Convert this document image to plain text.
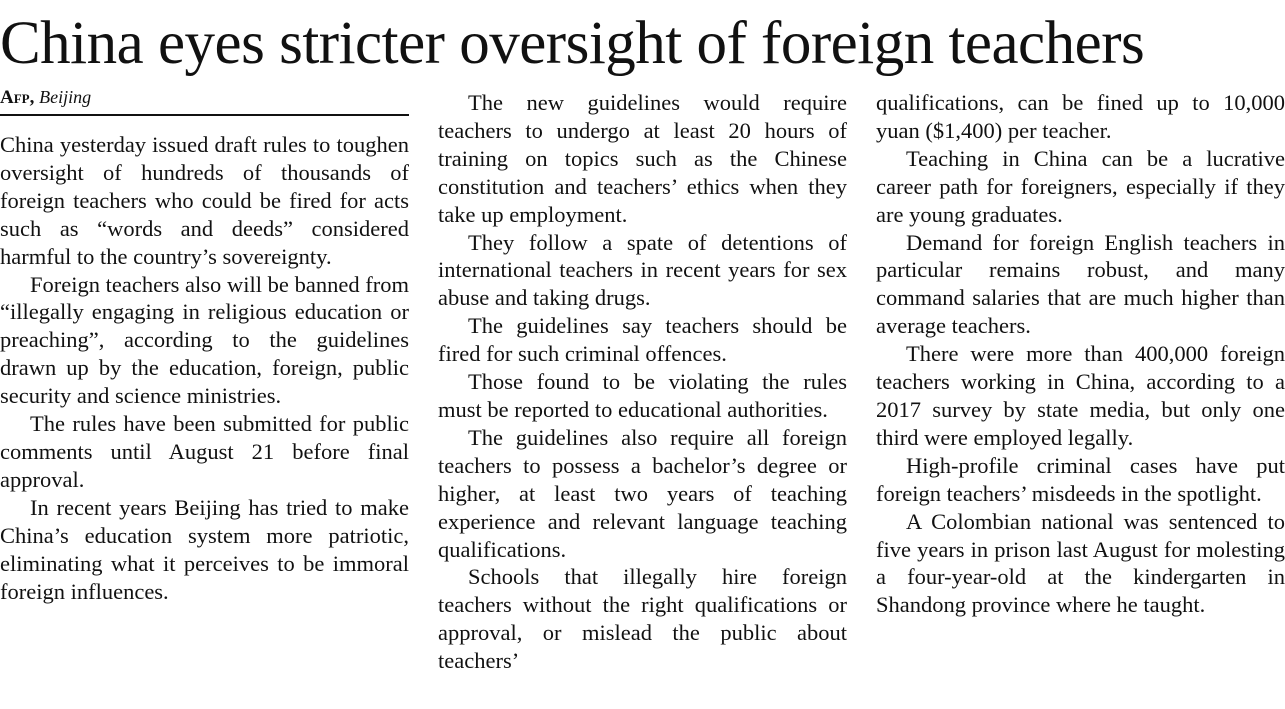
China eyes stricter oversight of foreign teachers
Afp, Beijing

China yesterday issued draft rules to toughen oversight of hundreds of thousands of foreign teachers who could be fired for acts such as “words and deeds” considered harmful to the country’s sovereignty.

Foreign teachers also will be banned from “illegally engaging in religious education or preaching”, according to the guidelines drawn up by the education, foreign, public security and science ministries.

The rules have been submitted for public comments until August 21 before final approval.

In recent years Beijing has tried to make China’s education system more patriotic, eliminating what it perceives to be immoral foreign influences.

The new guidelines would require teachers to undergo at least 20 hours of training on topics such as the Chinese constitution and teachers’ ethics when they take up employment.

They follow a spate of detentions of international teachers in recent years for sex abuse and taking drugs.

The guidelines say teachers should be fired for such criminal offences.

Those found to be violating the rules must be reported to educational authorities.

The guidelines also require all foreign teachers to possess a bachelor’s degree or higher, at least two years of teaching experience and relevant language teaching qualifications.

Schools that illegally hire foreign teachers without the right qualifications or approval, or mislead the public about teachers’

qualifications, can be fined up to 10,000 yuan ($1,400) per teacher.

Teaching in China can be a lucrative career path for foreigners, especially if they are young graduates.

Demand for foreign English teachers in particular remains robust, and many command salaries that are much higher than average teachers.

There were more than 400,000 foreign teachers working in China, according to a 2017 survey by state media, but only one third were employed legally.

High-profile criminal cases have put foreign teachers’ misdeeds in the spotlight.

A Colombian national was sentenced to five years in prison last August for molesting a four-year-old at the kindergarten in Shandong province where he taught.
